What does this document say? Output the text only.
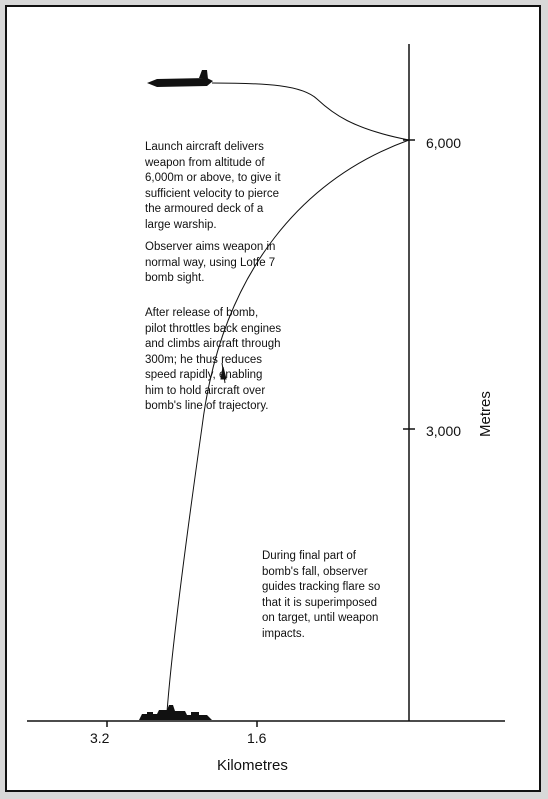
Launch aircraft delivers
weapon from altitude of
6,000m or above, to give it
sufficient velocity to pierce
the armoured deck of a
large warship.

Observer aims weapon in
normal way, using Lotfe 7
bomb sight.

After release of bomb,
pilot throttles back engines
and climbs aircraft through
300m; he thus reduces
speed rapidly, enabling
him to hold aircraft over
bomb's line of trajectory.

During final part of
bomb's fall, observer
guides tracking flare so
that it is superimposed
on target, until weapon
impacts.

6,000

3,000

3.2	1.6

Kilometres

Metres
